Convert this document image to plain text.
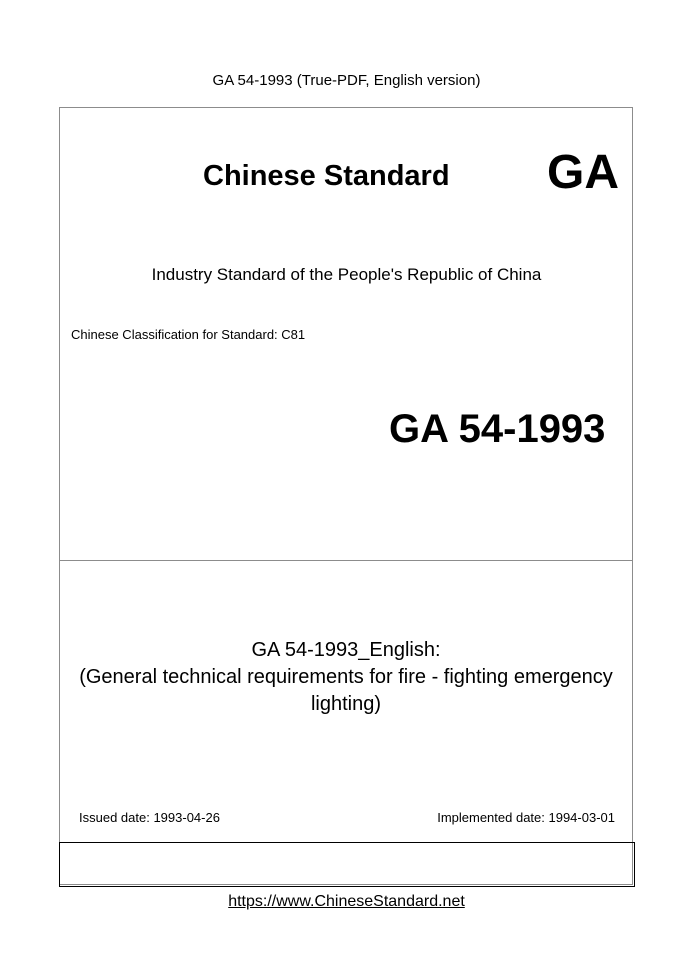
GA 54-1993 (True-PDF, English version)
Chinese Standard GA
Industry Standard of the People's Republic of China
Chinese Classification for Standard: C81
GA 54-1993
GA 54-1993_English:
(General technical requirements for fire - fighting emergency
lighting)
Issued date: 1993-04-26	Implemented date: 1994-03-01
https://www.ChineseStandard.net
